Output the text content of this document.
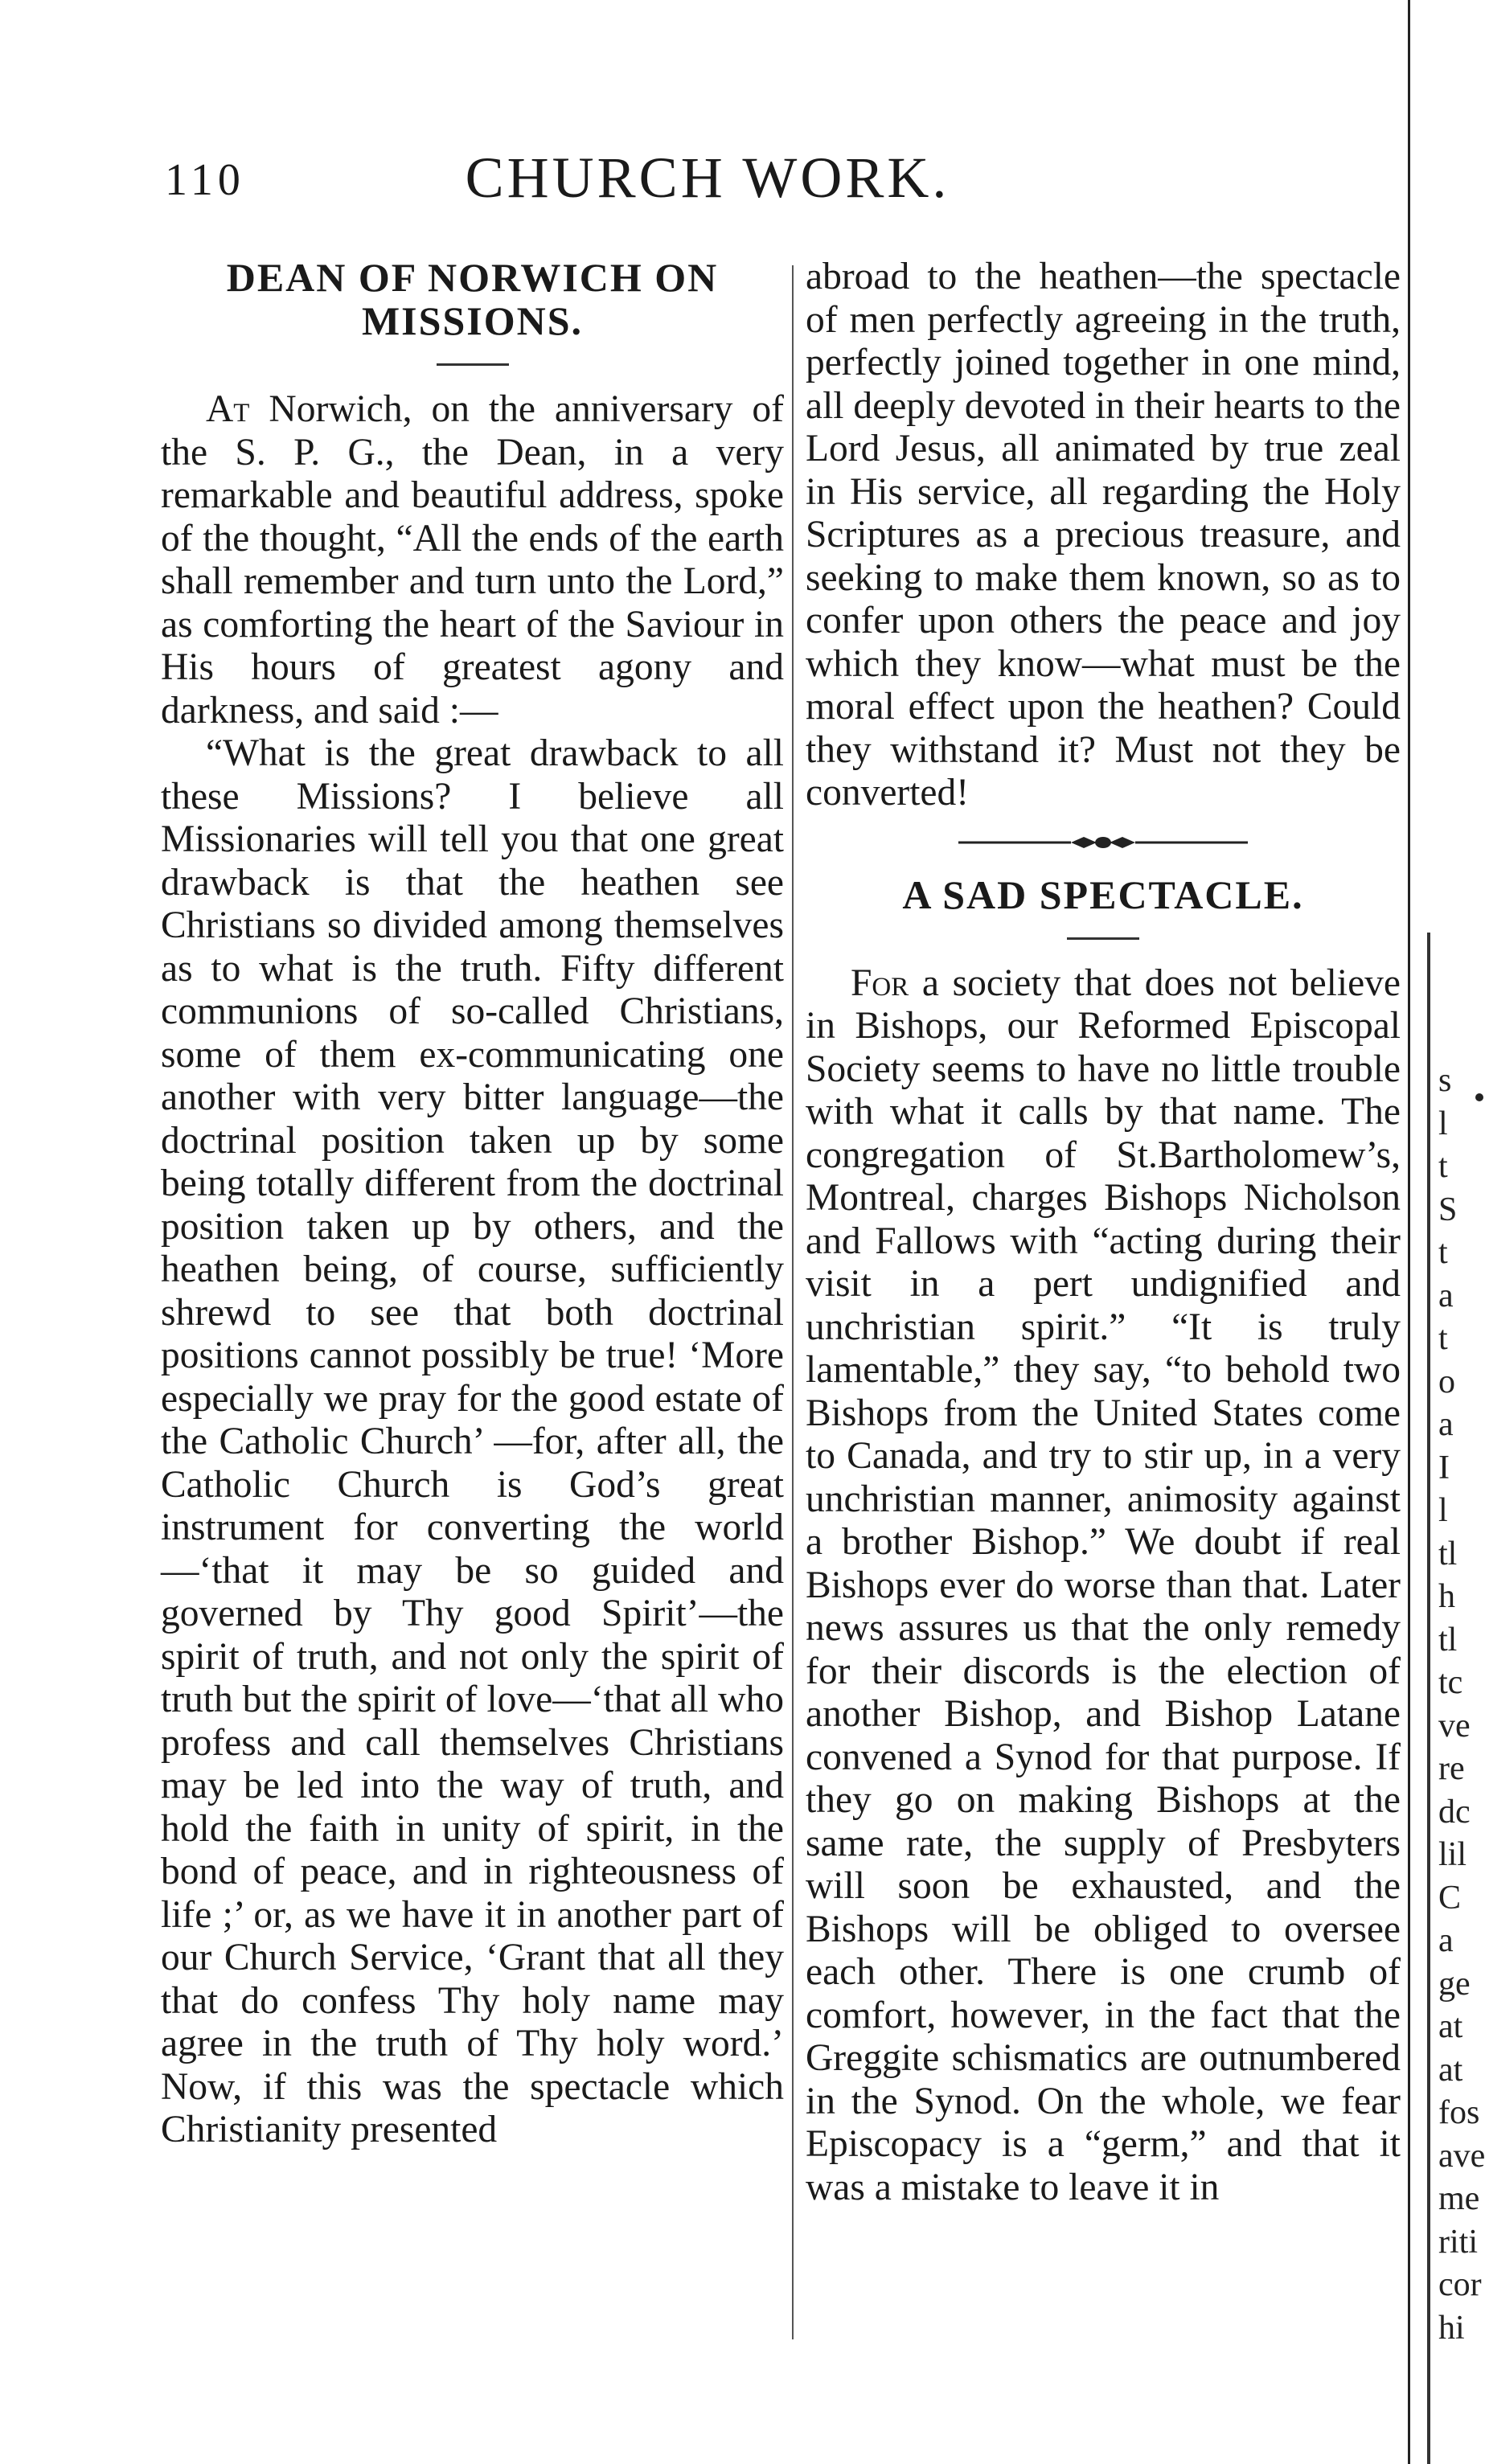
110	CHURCH WORK.
DEAN OF NORWICH ON MISSIONS.

At Norwich, on the anniversary of the S. P. G., the Dean, in a very remarkable and beautiful address, spoke of the thought, “All the ends of the earth shall remember and turn unto the Lord,” as comforting the heart of the Saviour in His hours of greatest agony and darkness, and said :—

“What is the great drawback to all these Missions? I believe all Missionaries will tell you that one great drawback is that the heathen see Christians so divided among themselves as to what is the truth. Fifty different communions of so-called Christians, some of them ex-communicating one another with very bitter language—the doctrinal position taken up by some being totally different from the doctrinal position taken up by others, and the heathen being, of course, sufficiently shrewd to see that both doctrinal positions cannot possibly be true! ‘More especially we pray for the good estate of the Catholic Church’ —for, after all, the Catholic Church is God’s great instrument for converting the world—‘that it may be so guided and governed by Thy good Spirit’—the spirit of truth, and not only the spirit of truth but the spirit of love—‘that all who profess and call themselves Christians may be led into the way of truth, and hold the faith in unity of spirit, in the bond of peace, and in righteousness of life ;’ or, as we have it in another part of our Church Service, ‘Grant that all they that do confess Thy holy name may agree in the truth of Thy holy word.’ Now, if this was the spectacle which Christianity presented

abroad to the heathen—the spectacle of men perfectly agreeing in the truth, perfectly joined together in one mind, all deeply devoted in their hearts to the Lord Jesus, all animated by true zeal in His service, all regarding the Holy Scriptures as a precious treasure, and seeking to make them known, so as to confer upon others the peace and joy which they know—what must be the moral effect upon the heathen? Could they withstand it? Must not they be converted!

A SAD SPECTACLE.

For a society that does not believe in Bishops, our Reformed Episcopal Society seems to have no little trouble with what it calls by that name. The congregation of St.Bartholomew’s, Montreal, charges Bishops Nicholson and Fallows with “acting during their visit in a pert undignified and unchristian spirit.” “It is truly lamentable,” they say, “to behold two Bishops from the United States come to Canada, and try to stir up, in a very unchristian manner, animosity against a brother Bishop.” We doubt if real Bishops ever do worse than that. Later news assures us that the only remedy for their discords is the election of another Bishop, and Bishop Latane convened a Synod for that purpose. If they go on making Bishops at the same rate, the supply of Presbyters will soon be exhausted, and the Bishops will be obliged to oversee each other. There is one crumb of comfort, however, in the fact that the Greggite schismatics are outnumbered in the Synod. On the whole, we fear Episcopacy is a “germ,” and that it was a mistake to leave it in

s
l
t
S
t
a
t
o
a
I
l
tl
h
tl
tc
ve
re
dc
lil
C
a
ge
at
at
fos
ave
me
riti
cor
hi
